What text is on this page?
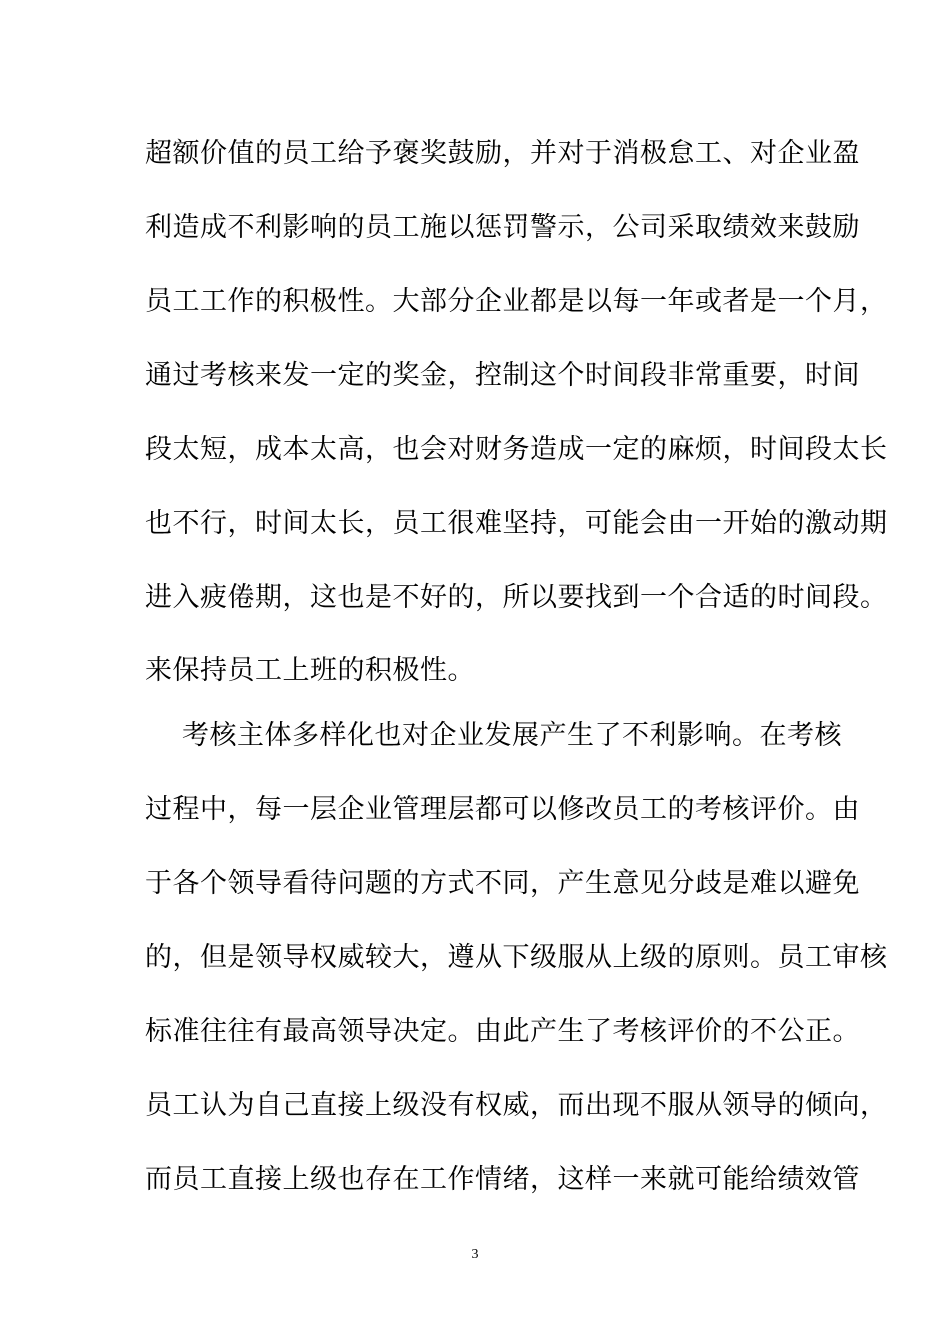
超额价值的员工给予褒奖鼓励，并对于消极怠工、对企业盈
利造成不利影响的员工施以惩罚警示，公司采取绩效来鼓励
员工工作的积极性。大部分企业都是以每一年或者是一个月，
通过考核来发一定的奖金，控制这个时间段非常重要，时间
段太短，成本太高，也会对财务造成一定的麻烦，时间段太长
也不行，时间太长，员工很难坚持，可能会由一开始的激动期
进入疲倦期，这也是不好的，所以要找到一个合适的时间段。
来保持员工上班的积极性。
考核主体多样化也对企业发展产生了不利影响。在考核
过程中，每一层企业管理层都可以修改员工的考核评价。由
于各个领导看待问题的方式不同，产生意见分歧是难以避免
的，但是领导权威较大，遵从下级服从上级的原则。员工审核
标准往往有最高领导决定。由此产生了考核评价的不公正。
员工认为自己直接上级没有权威，而出现不服从领导的倾向，
而员工直接上级也存在工作情绪，这样一来就可能给绩效管
3
